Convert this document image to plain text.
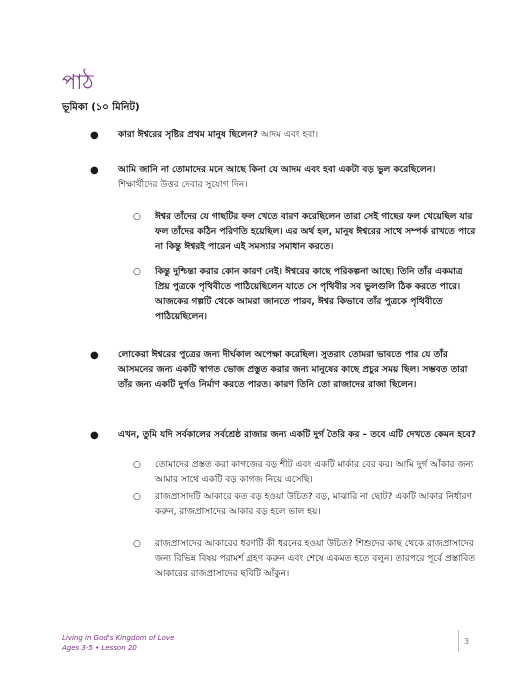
পাঠ
ভূমিকা (১০ মিনিট)
● কারা ঈশ্বরের সৃষ্টির প্রথম মানুষ ছিলেন? আদম এবং হবা।
● আমি জানি না তোমাদের মনে আছে কিনা যে আদম এবং হবা একটা বড় ভুল করেছিলেন।
শিক্ষার্থীদের উত্তর দেবার সুযোগ দিন।
○ ঈশ্বর তাঁদের যে গাছটির ফল খেতে বারণ করেছিলেন তারা সেই গাছের ফল খেয়েছিল যার ফল তাঁদের কঠিন পরিণতি হয়েছিল। এর অর্থ হল, মানুষ ঈশ্বরের সাথে সম্পর্ক রাখতে পারে না কিন্তু ঈশ্বরই পারেন এই সমস্যার সমাধান করতে।
○ কিন্তু দুশ্চিন্তা করার কোন কারণ নেই। ঈশ্বরের কাছে পরিকল্পনা আছে। তিনি তাঁর একমাত্র প্রিয় পুত্রকে পৃথিবীতে পাঠিয়েছিলেন যাতে সে পৃথিবীর সব ভুলগুলি ঠিক করতে পারে। আজকের গল্পটি থেকে আমরা জানতে পারব, ঈশ্বর কিভাবে তাঁর পুত্রকে পৃথিবীতে পাঠিয়েছিলেন।
● লোকেরা ঈশ্বরের পুত্রের জন্য দীর্ঘকাল অপেক্ষা করেছিল। সুতরাং তোমরা ভাবতে পার যে তাঁর আসমনের জন্য একটি স্বাগত ভোজ প্রস্তুত করার জন্য মানুষের কাছে প্রচুর সময় ছিল। সম্ভবত তারা তাঁর জন্য একটি দুর্গও নির্মাণ করতে পারত। কারণ তিনি তো রাজাদের রাজা ছিলেন।
● এখন, তুমি যদি সর্বকালের সর্বশ্রেষ্ঠ রাজার জন্য একটি দুর্গ তৈরি কর – তবে এটি দেখতে কেমন হবে?
○ তোমাদের প্রস্তত করা কাগজের বড় শীট এবং একটি মার্কার বের কর। আমি দুর্গ আঁকার জন্য আমার সাথে একটি বড় কাগজ নিয়ে এসেছি।
○ রাজপ্রাসাদটি আকারে কত বড় হওয়া উচিত? বড়, মাঝারি না ছোট? একটি আকার নির্ধারণ করুন, রাজপ্রাসাদের আকার বড় হলে ভাল হয়।
○ রাজপ্রাসাদের আকারের ধরণটি কী ধরনের হওয়া উচিত? শিশুদের কাছ থেকে রাজপ্রাসাদের জন্য বিভিন্ন বিষয় পরামর্শ গ্রহণ করুন এবং শেষে একমত হতে বলুন। তারপরে পূর্বে প্রস্তাবিত আকারের রাজপ্রাসাদের ছবিটি আঁকুন।
Living in God's Kingdom of Love
Ages 3-5 • Lesson 20
3
